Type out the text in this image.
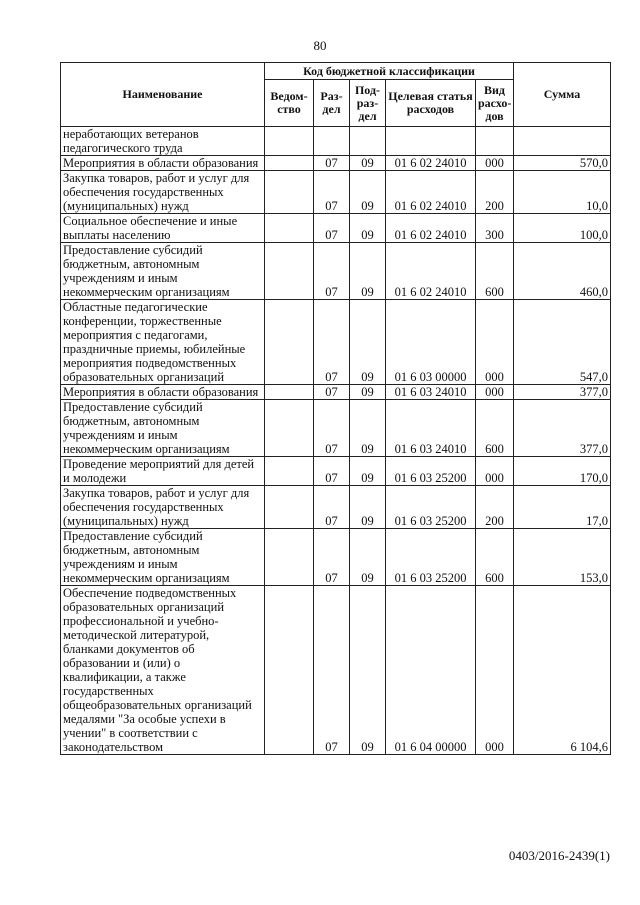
80
Наименование	Код бюджетной классификации					Сумма
	Ведом-ство	Раз-дел	Под-раз-дел	Целевая статья расходов	Вид расхо-дов	
неработающих ветеранов педагогического труда						
Мероприятия в области образования		07	09	01 6 02 24010	000	570,0
Закупка товаров, работ и услуг для обеспечения государственных (муниципальных) нужд		07	09	01 6 02 24010	200	10,0
Социальное обеспечение и иные выплаты населению		07	09	01 6 02 24010	300	100,0
Предоставление субсидий бюджетным, автономным учреждениям и иным некоммерческим организациям		07	09	01 6 02 24010	600	460,0
Областные педагогические конференции, торжественные мероприятия с педагогами, праздничные приемы, юбилейные мероприятия подведомственных образовательных организаций		07	09	01 6 03 00000	000	547,0
Мероприятия в области образования		07	09	01 6 03 24010	000	377,0
Предоставление субсидий бюджетным, автономным учреждениям и иным некоммерческим организациям		07	09	01 6 03 24010	600	377,0
Проведение мероприятий для детей и молодежи		07	09	01 6 03 25200	000	170,0
Закупка товаров, работ и услуг для обеспечения государственных (муниципальных) нужд		07	09	01 6 03 25200	200	17,0
Предоставление субсидий бюджетным, автономным учреждениям и иным некоммерческим организациям		07	09	01 6 03 25200	600	153,0
Обеспечение подведомственных образовательных организаций профессиональной и учебно-методической литературой, бланками документов об образовании и (или) о квалификации, а также государственных общеобразовательных организаций медалями "За особые успехи в учении" в соответствии с законодательством		07	09	01 6 04 00000	000	6 104,6
0403/2016-2439(1)
